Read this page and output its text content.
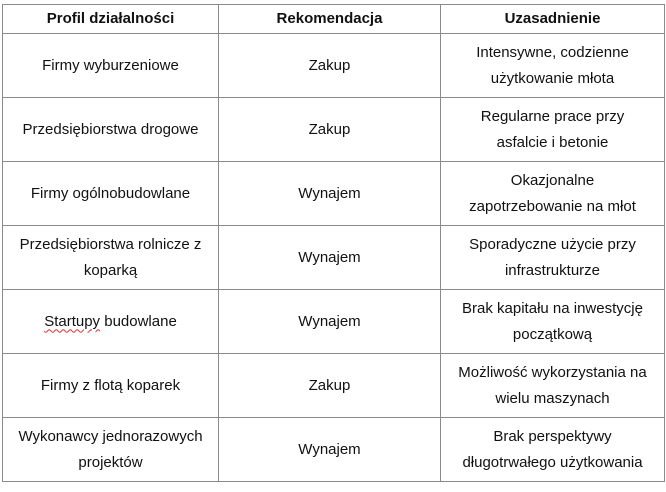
Profil działalności	Rekomendacja	Uzasadnienie
Firmy wyburzeniowe	Zakup	Intensywne, codzienne
użytkowanie młota
Przedsiębiorstwa drogowe	Zakup	Regularne prace przy
asfalcie i betonie
Firmy ogólnobudowlane	Wynajem	Okazjonalne
zapotrzebowanie na młot
Przedsiębiorstwa rolnicze z
koparką	Wynajem	Sporadyczne użycie przy
infrastrukturze
Startupy budowlane	Wynajem	Brak kapitału na inwestycję
początkową
Firmy z flotą koparek	Zakup	Możliwość wykorzystania na
wielu maszynach
Wykonawcy jednorazowych
projektów	Wynajem	Brak perspektywy
długotrwałego użytkowania
